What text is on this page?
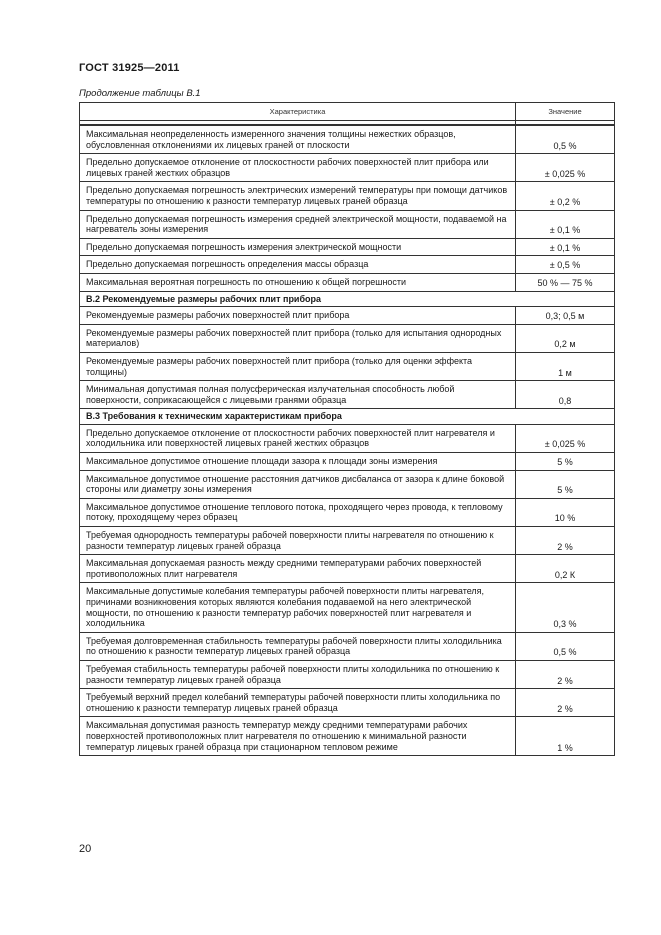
ГОСТ 31925—2011
Продолжение таблицы В.1
Характеристика	Значение

Максимальная неопределенность измеренного значения толщины нежестких образцов, обусловленная отклонениями их лицевых граней от плоскости	0,5 %
Предельно допускаемое отклонение от плоскостности рабочих поверхностей плит прибора или лицевых граней жестких образцов	± 0,025 %
Предельно допускаемая погрешность электрических измерений температуры при помощи датчиков температуры по отношению к разности температур лицевых граней образца	± 0,2 %
Предельно допускаемая погрешность измерения средней электрической мощности, подаваемой на нагреватель зоны измерения	± 0,1 %
Предельно допускаемая погрешность измерения электрической мощности	± 0,1 %
Предельно допускаемая погрешность определения массы образца	± 0,5 %
Максимальная вероятная погрешность по отношению к общей погрешности	50 % — 75 %
В.2 Рекомендуемые размеры рабочих плит прибора	
Рекомендуемые размеры рабочих поверхностей плит прибора	0,3; 0,5 м
Рекомендуемые размеры рабочих поверхностей плит прибора (только для испытания однородных материалов)	0,2 м
Рекомендуемые размеры рабочих поверхностей плит прибора (только для оценки эффекта толщины)	1 м
Минимальная допустимая полная полусферическая излучательная способность любой поверхности, соприкасающейся с лицевыми гранями образца	0,8
В.3 Требования к техническим характеристикам прибора	
Предельно допускаемое отклонение от плоскостности рабочих поверхностей плит нагревателя и холодильника или поверхностей лицевых граней жестких образцов	± 0,025 %
Максимальное допустимое отношение площади зазора к площади зоны измерения	5 %
Максимальное допустимое отношение расстояния датчиков дисбаланса от зазора к длине боковой стороны или диаметру зоны измерения	5 %
Максимальное допустимое отношение теплового потока, проходящего через провода, к тепловому потоку, проходящему через образец	10 %
Требуемая однородность температуры рабочей поверхности плиты нагревателя по отношению к разности температур лицевых граней образца	2 %
Максимальная допускаемая разность между средними температурами рабочих поверхностей противоположных плит нагревателя	0,2 К
Максимальные допустимые колебания температуры рабочей поверхности плиты нагревателя, причинами возникновения которых являются колебания подаваемой на него электрической мощности, по отношению к разности температур рабочих поверхностей плит нагревателя и холодильника	0,3 %
Требуемая долговременная стабильность температуры рабочей поверхности плиты холодильника по отношению к разности температур лицевых граней образца	0,5 %
Требуемая стабильность температуры рабочей поверхности плиты холодильника по отношению к разности температур лицевых граней образца	2 %
Требуемый верхний предел колебаний температуры рабочей поверхности плиты холодильника по отношению к разности температур лицевых граней образца	2 %
Максимальная допустимая разность температур между средними температурами рабочих поверхностей противоположных плит нагревателя по отношению к минимальной разности температур лицевых граней образца при стационарном тепловом режиме	1 %
20
